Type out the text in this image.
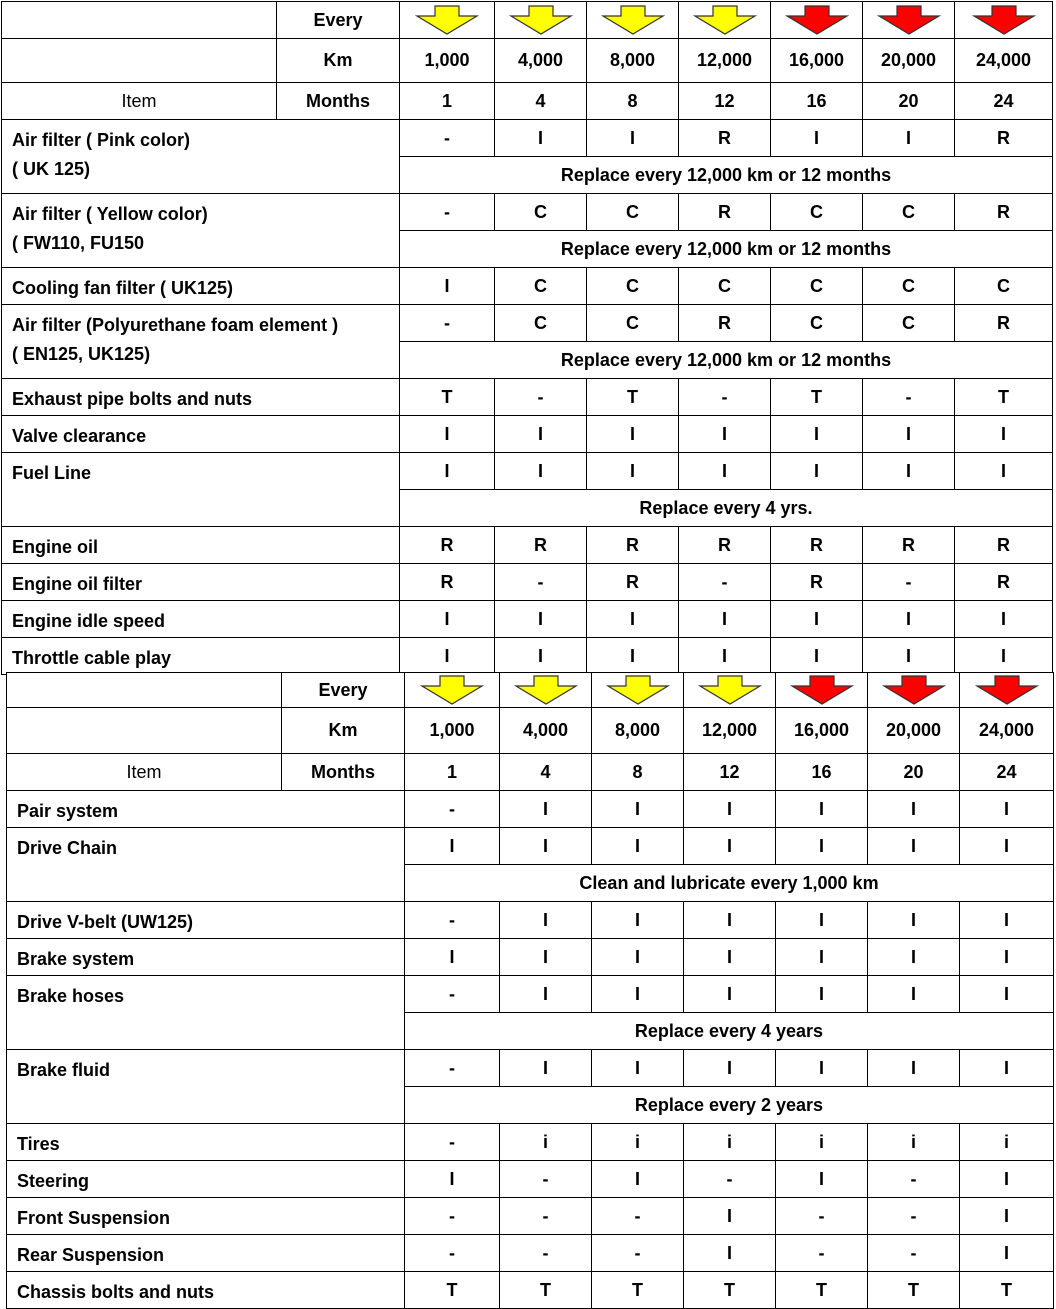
	Every	

	Km	1,000	4,000	8,000	12,000	16,000	20,000	24,000
Item	Months	1	4	8	12	16	20	24

Air filter ( Pink color)
( UK 125)		-	I	I	R	I	I	R
		Replace every 12,000 km or 12 months						

Air filter ( Yellow color)
( FW110, FU150		-	C	C	R	C	C	R
		Replace every 12,000 km or 12 months						

Cooling fan filter ( UK125)		I	C	C	C	C	C	C

Air filter (Polyurethane foam element )
( EN125, UK125)		-	C	C	R	C	C	R
		Replace every 12,000 km or 12 months						

Exhaust pipe bolts and nuts		T	-	T	-	T	-	T

Valve clearance		I	I	I	I	I	I	I

Fuel Line		I	I	I	I	I	I	I
		Replace every 4 yrs.						

Engine oil		R	R	R	R	R	R	R

Engine oil filter		R	-	R	-	R	-	R

Engine idle speed		I	I	I	I	I	I	I

Throttle cable play		I	I	I	I	I	I	I
	Every	

	Km	1,000	4,000	8,000	12,000	16,000	20,000	24,000
Item	Months	1	4	8	12	16	20	24

Pair system		-	I	I	I	I	I	I

Drive Chain		I	I	I	I	I	I	I
		Clean and lubricate every 1,000 km						

Drive V-belt (UW125)		-	I	I	I	I	I	I

Brake system		I	I	I	I	I	I	I

Brake hoses		-	I	I	I	I	I	I
		Replace every 4 years						

Brake fluid		-	I	I	I	I	I	I
		Replace every 2 years						

Tires		-	i	i	i	i	i	i

Steering		I	-	I	-	I	-	I

Front Suspension		-	-	-	I	-	-	I

Rear Suspension		-	-	-	I	-	-	I

Chassis bolts and nuts		T	T	T	T	T	T	T
